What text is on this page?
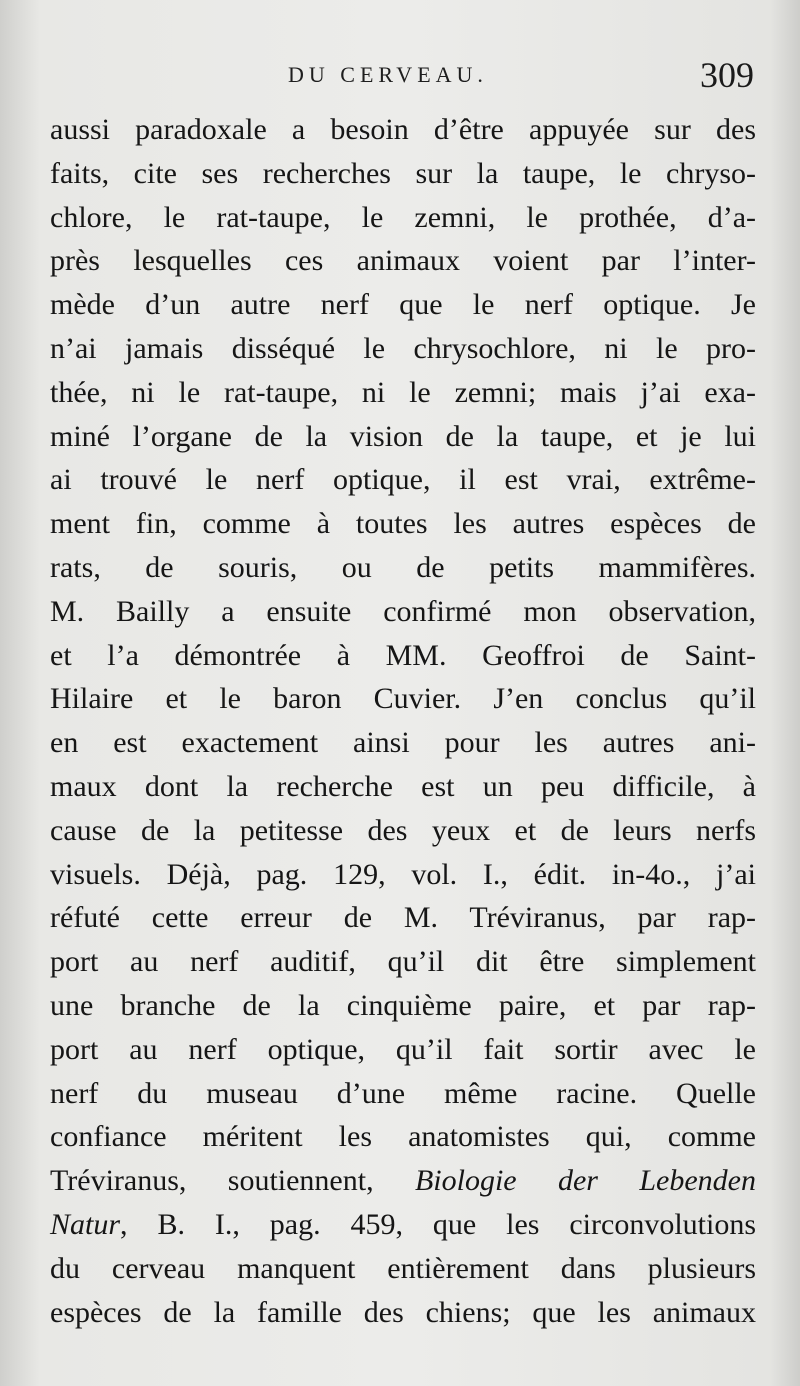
DU CERVEAU.	309
aussi paradoxale a besoin d’être appuyée sur des
faits, cite ses recherches sur la taupe, le chryso-
chlore, le rat-taupe, le zemni, le prothée, d’a-
près lesquelles ces animaux voient par l’inter-
mède d’un autre nerf que le nerf optique. Je
n’ai jamais disséqué le chrysochlore, ni le pro-
thée, ni le rat-taupe, ni le zemni; mais j’ai exa-
miné l’organe de la vision de la taupe, et je lui
ai trouvé le nerf optique, il est vrai, extrême-
ment fin, comme à toutes les autres espèces de
rats, de souris, ou de petits mammifères.
M. Bailly a ensuite confirmé mon observation,
et l’a démontrée à MM. Geoffroi de Saint-
Hilaire et le baron Cuvier. J’en conclus qu’il
en est exactement ainsi pour les autres ani-
maux dont la recherche est un peu difficile, à
cause de la petitesse des yeux et de leurs nerfs
visuels. Déjà, pag. 129, vol. I., édit. in-4o., j’ai
réfuté cette erreur de M. Tréviranus, par rap-
port au nerf auditif, qu’il dit être simplement
une branche de la cinquième paire, et par rap-
port au nerf optique, qu’il fait sortir avec le
nerf du museau d’une même racine. Quelle
confiance méritent les anatomistes qui, comme
Tréviranus, soutiennent, Biologie der Lebenden
Natur, B. I., pag. 459, que les circonvolutions
du cerveau manquent entièrement dans plusieurs
espèces de la famille des chiens; que les animaux
